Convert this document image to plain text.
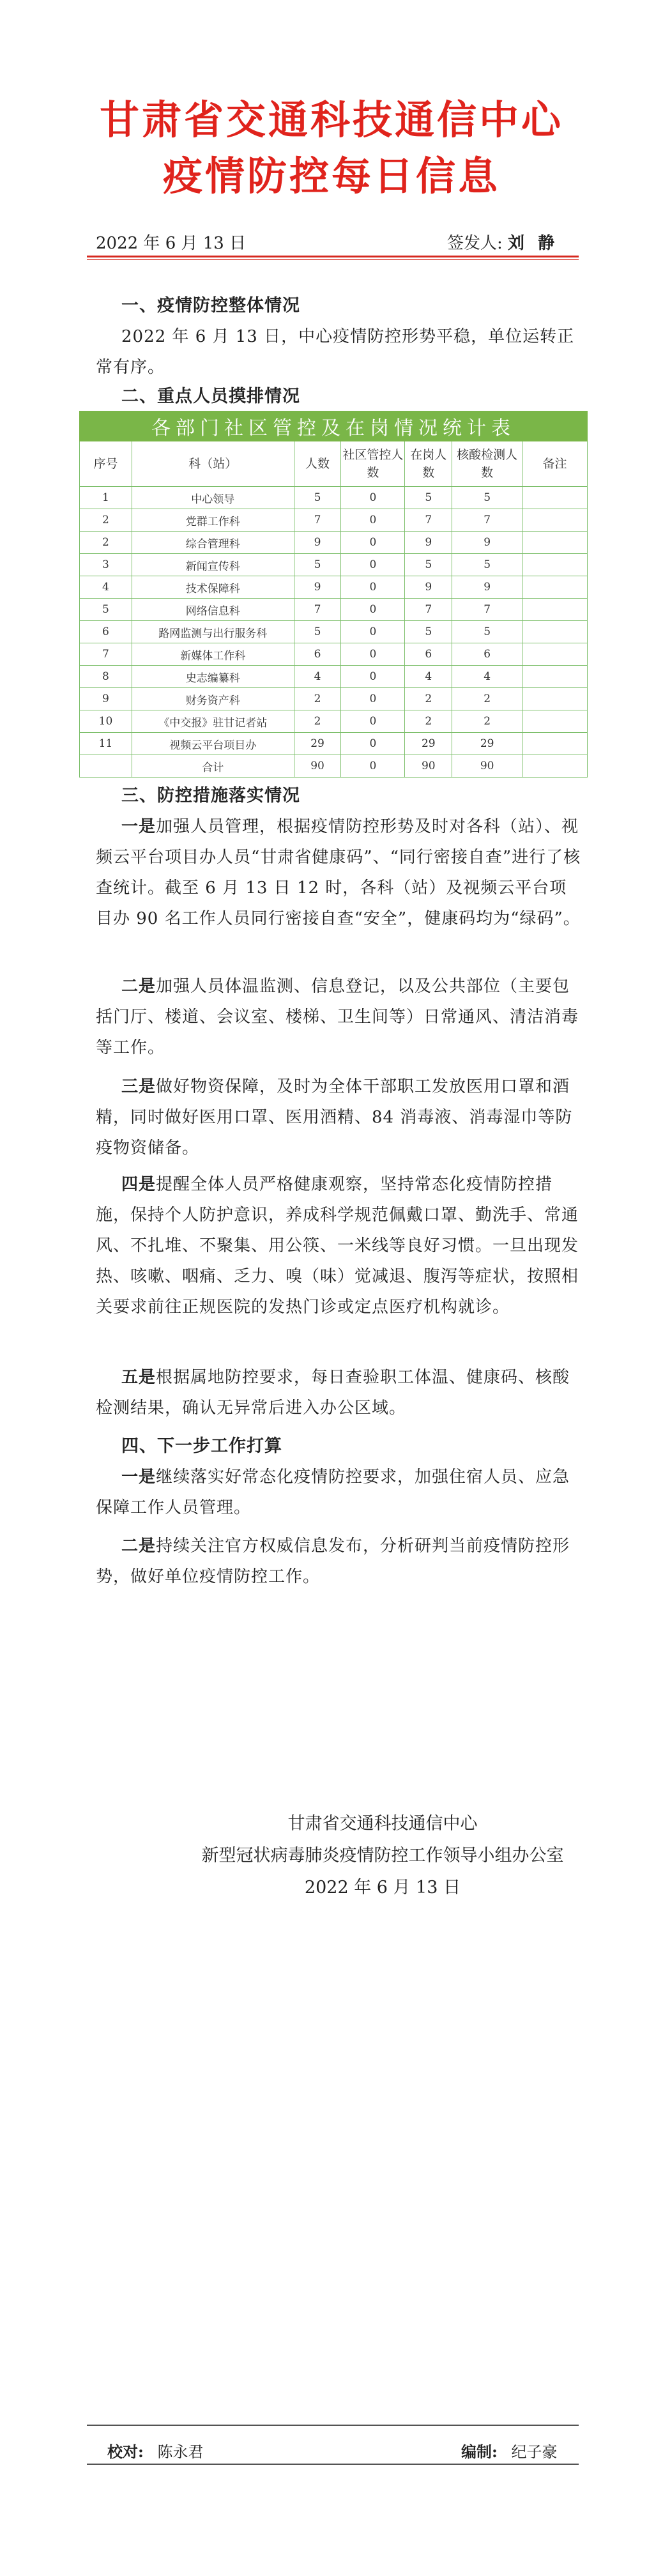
甘肃省交通科技通信中心
疫情防控每日信息
2022 年 6 月 13 日	签发人: 刘 静
一、疫情防控整体情况
2022 年 6 月 13 日，中心疫情防控形势平稳，单位运转正常有序。
二、重点人员摸排情况
各部门社区管控及在岗情况统计表						
序号	科（站）	人数	社区管控人数	在岗人数	核酸检测人数	备注
1	中心领导	5	0	5	5	
2	党群工作科	7	0	7	7	
2	综合管理科	9	0	9	9	
3	新闻宣传科	5	0	5	5	
4	技术保障科	9	0	9	9	
5	网络信息科	7	0	7	7	
6	路网监测与出行服务科	5	0	5	5	
7	新媒体工作科	6	0	6	6	
8	史志编纂科	4	0	4	4	
9	财务资产科	2	0	2	2	
10	《中交报》驻甘记者站	2	0	2	2	
11	视频云平台项目办	29	0	29	29	
	合计	90	0	90	90	
三、防控措施落实情况
一是加强人员管理，根据疫情防控形势及时对各科（站）、视频云平台项目办人员“甘肃省健康码”、“同行密接自查”进行了核查统计。截至 6 月 13 日 12 时，各科（站）及视频云平台项目办 90 名工作人员同行密接自查“安全”，健康码均为“绿码”。
二是加强人员体温监测、信息登记，以及公共部位（主要包括门厅、楼道、会议室、楼梯、卫生间等）日常通风、清洁消毒等工作。
三是做好物资保障，及时为全体干部职工发放医用口罩和酒精，同时做好医用口罩、医用酒精、84 消毒液、消毒湿巾等防疫物资储备。
四是提醒全体人员严格健康观察，坚持常态化疫情防控措施，保持个人防护意识，养成科学规范佩戴口罩、勤洗手、常通风、不扎堆、不聚集、用公筷、一米线等良好习惯。一旦出现发热、咳嗽、咽痛、乏力、嗅（味）觉减退、腹泻等症状，按照相关要求前往正规医院的发热门诊或定点医疗机构就诊。
五是根据属地防控要求，每日查验职工体温、健康码、核酸检测结果，确认无异常后进入办公区域。
四、下一步工作打算
一是继续落实好常态化疫情防控要求，加强住宿人员、应急保障工作人员管理。
二是持续关注官方权威信息发布，分析研判当前疫情防控形势，做好单位疫情防控工作。
甘肃省交通科技通信中心
新型冠状病毒肺炎疫情防控工作领导小组办公室
2022 年 6 月 13 日
校对: 陈永君	编制: 纪子豪
